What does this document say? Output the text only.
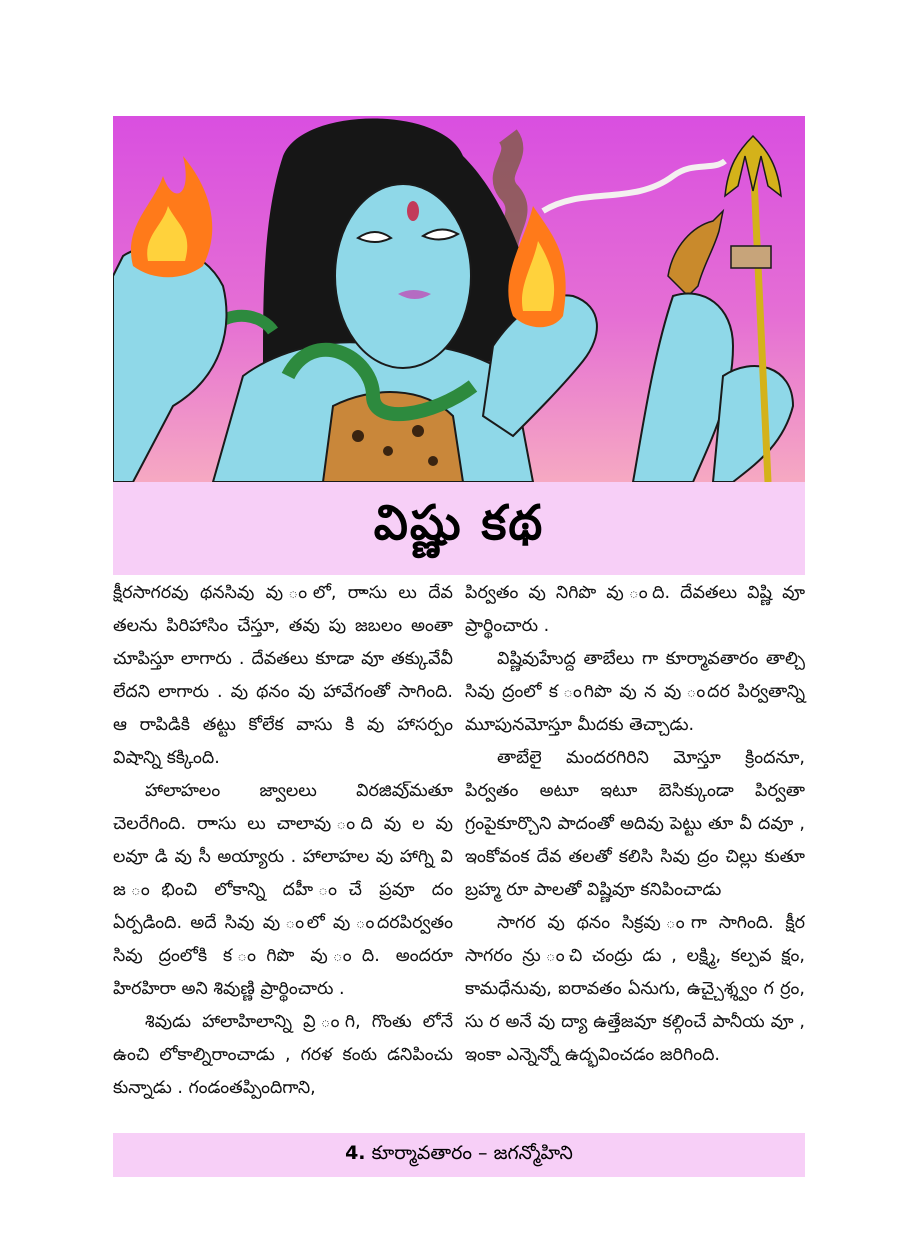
విష్ణు కథ

క్షీరసాగరవు థనసివు వు ంలో, రాాసు లు దేవ తలను పిరిహాసిం చేస్తూ, తవు పు జబలం అంతా చూపిస్తూ లాగారు . దేవతలు కూడా వూ తక్కువేవీ లేదని లాగారు . వు థనం వు హావేగంతో సాగింది. ఆ రాపిడికి తట్టు కోలేక వాసు కి వు హాసర్పం విషాన్ని కక్కింది.

హాలాహలం జ్వాలలు విరజివు్మతూ చెలరేగింది. రాాసు లు చాలావు ంది వు ల వు లవూ డి వు సీ అయ్యారు . హాలాహల వు హాగ్ని వి జ ంభించి లోకాన్ని దహీ ంచే ప్రవూ దం ఏర్పడింది. అదే సివు వు ంలో వు ందరపిర్వతం సివు ద్రంలోకి క ంగిపొ వు ంది. అందరూ హిరహిరా అని శివుణ్ణి ప్రార్థించారు .

శివుడు హాలాహిలాన్ని వ్రి ంగి, గొంతు లోనే ఉంచి లోకాల్నిరాంచాడు , గరళ కంఠు డనిపించు కున్నాడు . గండంతప్పిందిగాని,

పిర్వతం వు నిగిపొ వు ంది. దేవతలు విష్ణి వూ ప్రార్థించారు .

విష్ణివుహేుద్ద తాబేలు గా కూర్మావతారం తాల్చి సివు ద్రంలో క ంగిపొ వు న వు ందర పిర్వతాన్ని మూపునమోస్తూ మీదకు తెచ్చాడు.

తాబేలై మందరగిరిని మోస్తూ క్రిందనూ, పిర్వతం అటూ ఇటూ బెసిక్కుండా పిర్వతా గ్రంపైకూర్చొని పాదంతో అదివు పెట్టు తూ వీ దవూ , ఇంకోవంక దేవ తలతో కలిసి సివు ద్రం చిల్లు కుతూ బ్రహ్మ రూ పాలతో విష్ణివూ కనిపించాడు

సాగర వు థనం సిక్రవు ంగా సాగింది. క్షీర సాగరం న్రు ంచి చంద్రు డు , లక్ష్మి, కల్పవ క్షం, కామధేనువు, ఐరావతం ఏనుగు, ఉచ్చైశ్శ్వం గ ర్రం, సు ర అనే వు ద్యా ఉత్తేజవూ కల్గించే పానీయ వూ , ఇంకా ఎన్నెన్నో ఉద్భవించడం జరిగింది.

4. కూర్మావతారం – జగన్మోహిని
